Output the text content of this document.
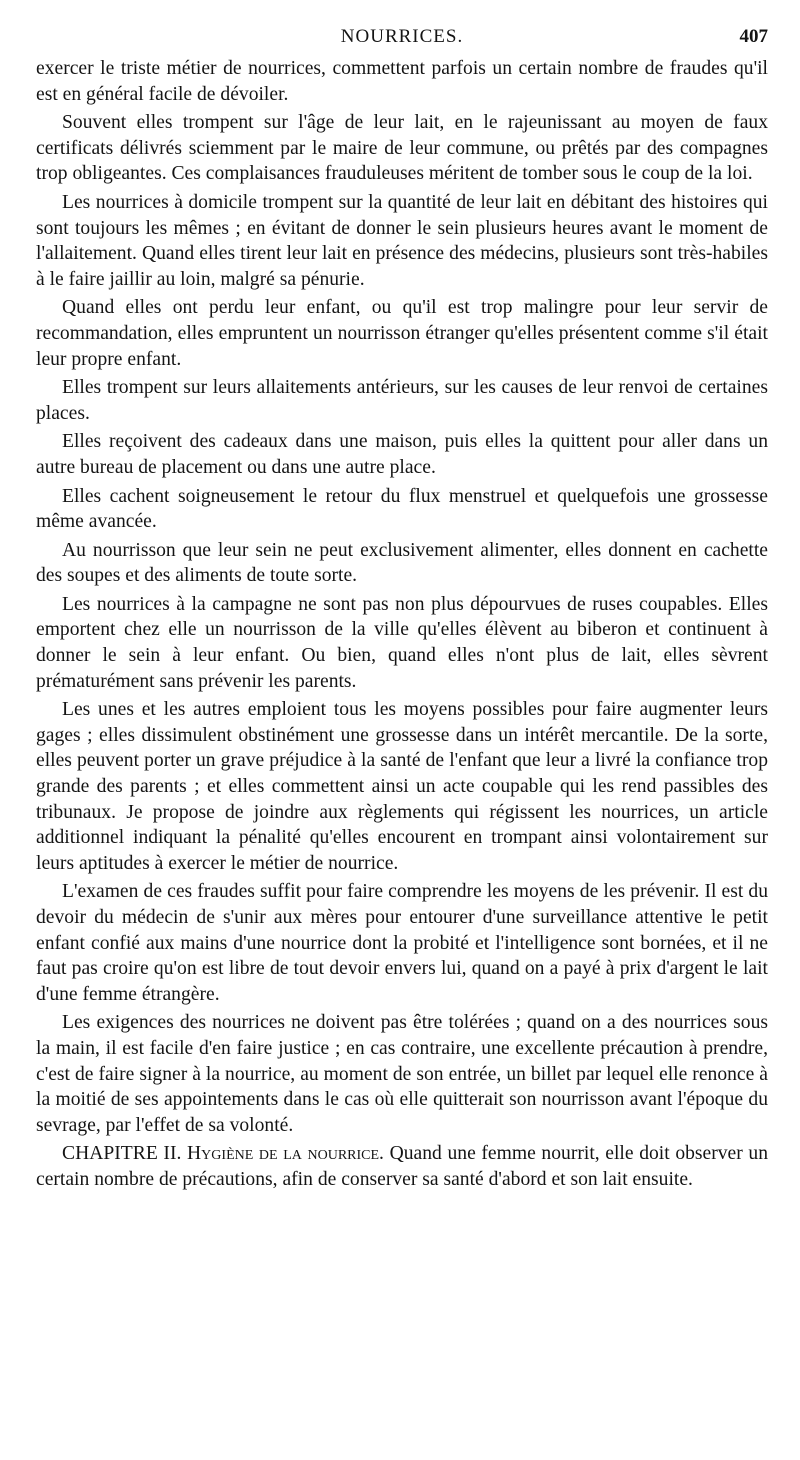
NOURRICES.	407

exercer le triste métier de nourrices, commettent parfois un certain nombre de fraudes qu'il est en général facile de dévoiler.

Souvent elles trompent sur l'âge de leur lait, en le rajeunissant au moyen de faux certificats délivrés sciemment par le maire de leur commune, ou prêtés par des compagnes trop obligeantes. Ces complaisances frauduleuses méritent de tomber sous le coup de la loi.

Les nourrices à domicile trompent sur la quantité de leur lait en débitant des histoires qui sont toujours les mêmes ; en évitant de donner le sein plusieurs heures avant le moment de l'allaitement. Quand elles tirent leur lait en présence des médecins, plusieurs sont très-habiles à le faire jaillir au loin, malgré sa pénurie.

Quand elles ont perdu leur enfant, ou qu'il est trop malingre pour leur servir de recommandation, elles empruntent un nourrisson étranger qu'elles présentent comme s'il était leur propre enfant.

Elles trompent sur leurs allaitements antérieurs, sur les causes de leur renvoi de certaines places.

Elles reçoivent des cadeaux dans une maison, puis elles la quittent pour aller dans un autre bureau de placement ou dans une autre place.

Elles cachent soigneusement le retour du flux menstruel et quelquefois une grossesse même avancée.

Au nourrisson que leur sein ne peut exclusivement alimenter, elles donnent en cachette des soupes et des aliments de toute sorte.

Les nourrices à la campagne ne sont pas non plus dépourvues de ruses coupables. Elles emportent chez elle un nourrisson de la ville qu'elles élèvent au biberon et continuent à donner le sein à leur enfant. Ou bien, quand elles n'ont plus de lait, elles sèvrent prématurément sans prévenir les parents.

Les unes et les autres emploient tous les moyens possibles pour faire augmenter leurs gages ; elles dissimulent obstinément une grossesse dans un intérêt mercantile. De la sorte, elles peuvent porter un grave préjudice à la santé de l'enfant que leur a livré la confiance trop grande des parents ; et elles commettent ainsi un acte coupable qui les rend passibles des tribunaux. Je propose de joindre aux règlements qui régissent les nourrices, un article additionnel indiquant la pénalité qu'elles encourent en trompant ainsi volontairement sur leurs aptitudes à exercer le métier de nourrice.

L'examen de ces fraudes suffit pour faire comprendre les moyens de les prévenir. Il est du devoir du médecin de s'unir aux mères pour entourer d'une surveillance attentive le petit enfant confié aux mains d'une nourrice dont la probité et l'intelligence sont bornées, et il ne faut pas croire qu'on est libre de tout devoir envers lui, quand on a payé à prix d'argent le lait d'une femme étrangère.

Les exigences des nourrices ne doivent pas être tolérées ; quand on a des nourrices sous la main, il est facile d'en faire justice ; en cas contraire, une excellente précaution à prendre, c'est de faire signer à la nourrice, au moment de son entrée, un billet par lequel elle renonce à la moitié de ses appointements dans le cas où elle quitterait son nourrisson avant l'époque du sevrage, par l'effet de sa volonté.

CHAPITRE II. Hygiène de la nourrice. Quand une femme nourrit, elle doit observer un certain nombre de précautions, afin de conserver sa santé d'abord et son lait ensuite.
